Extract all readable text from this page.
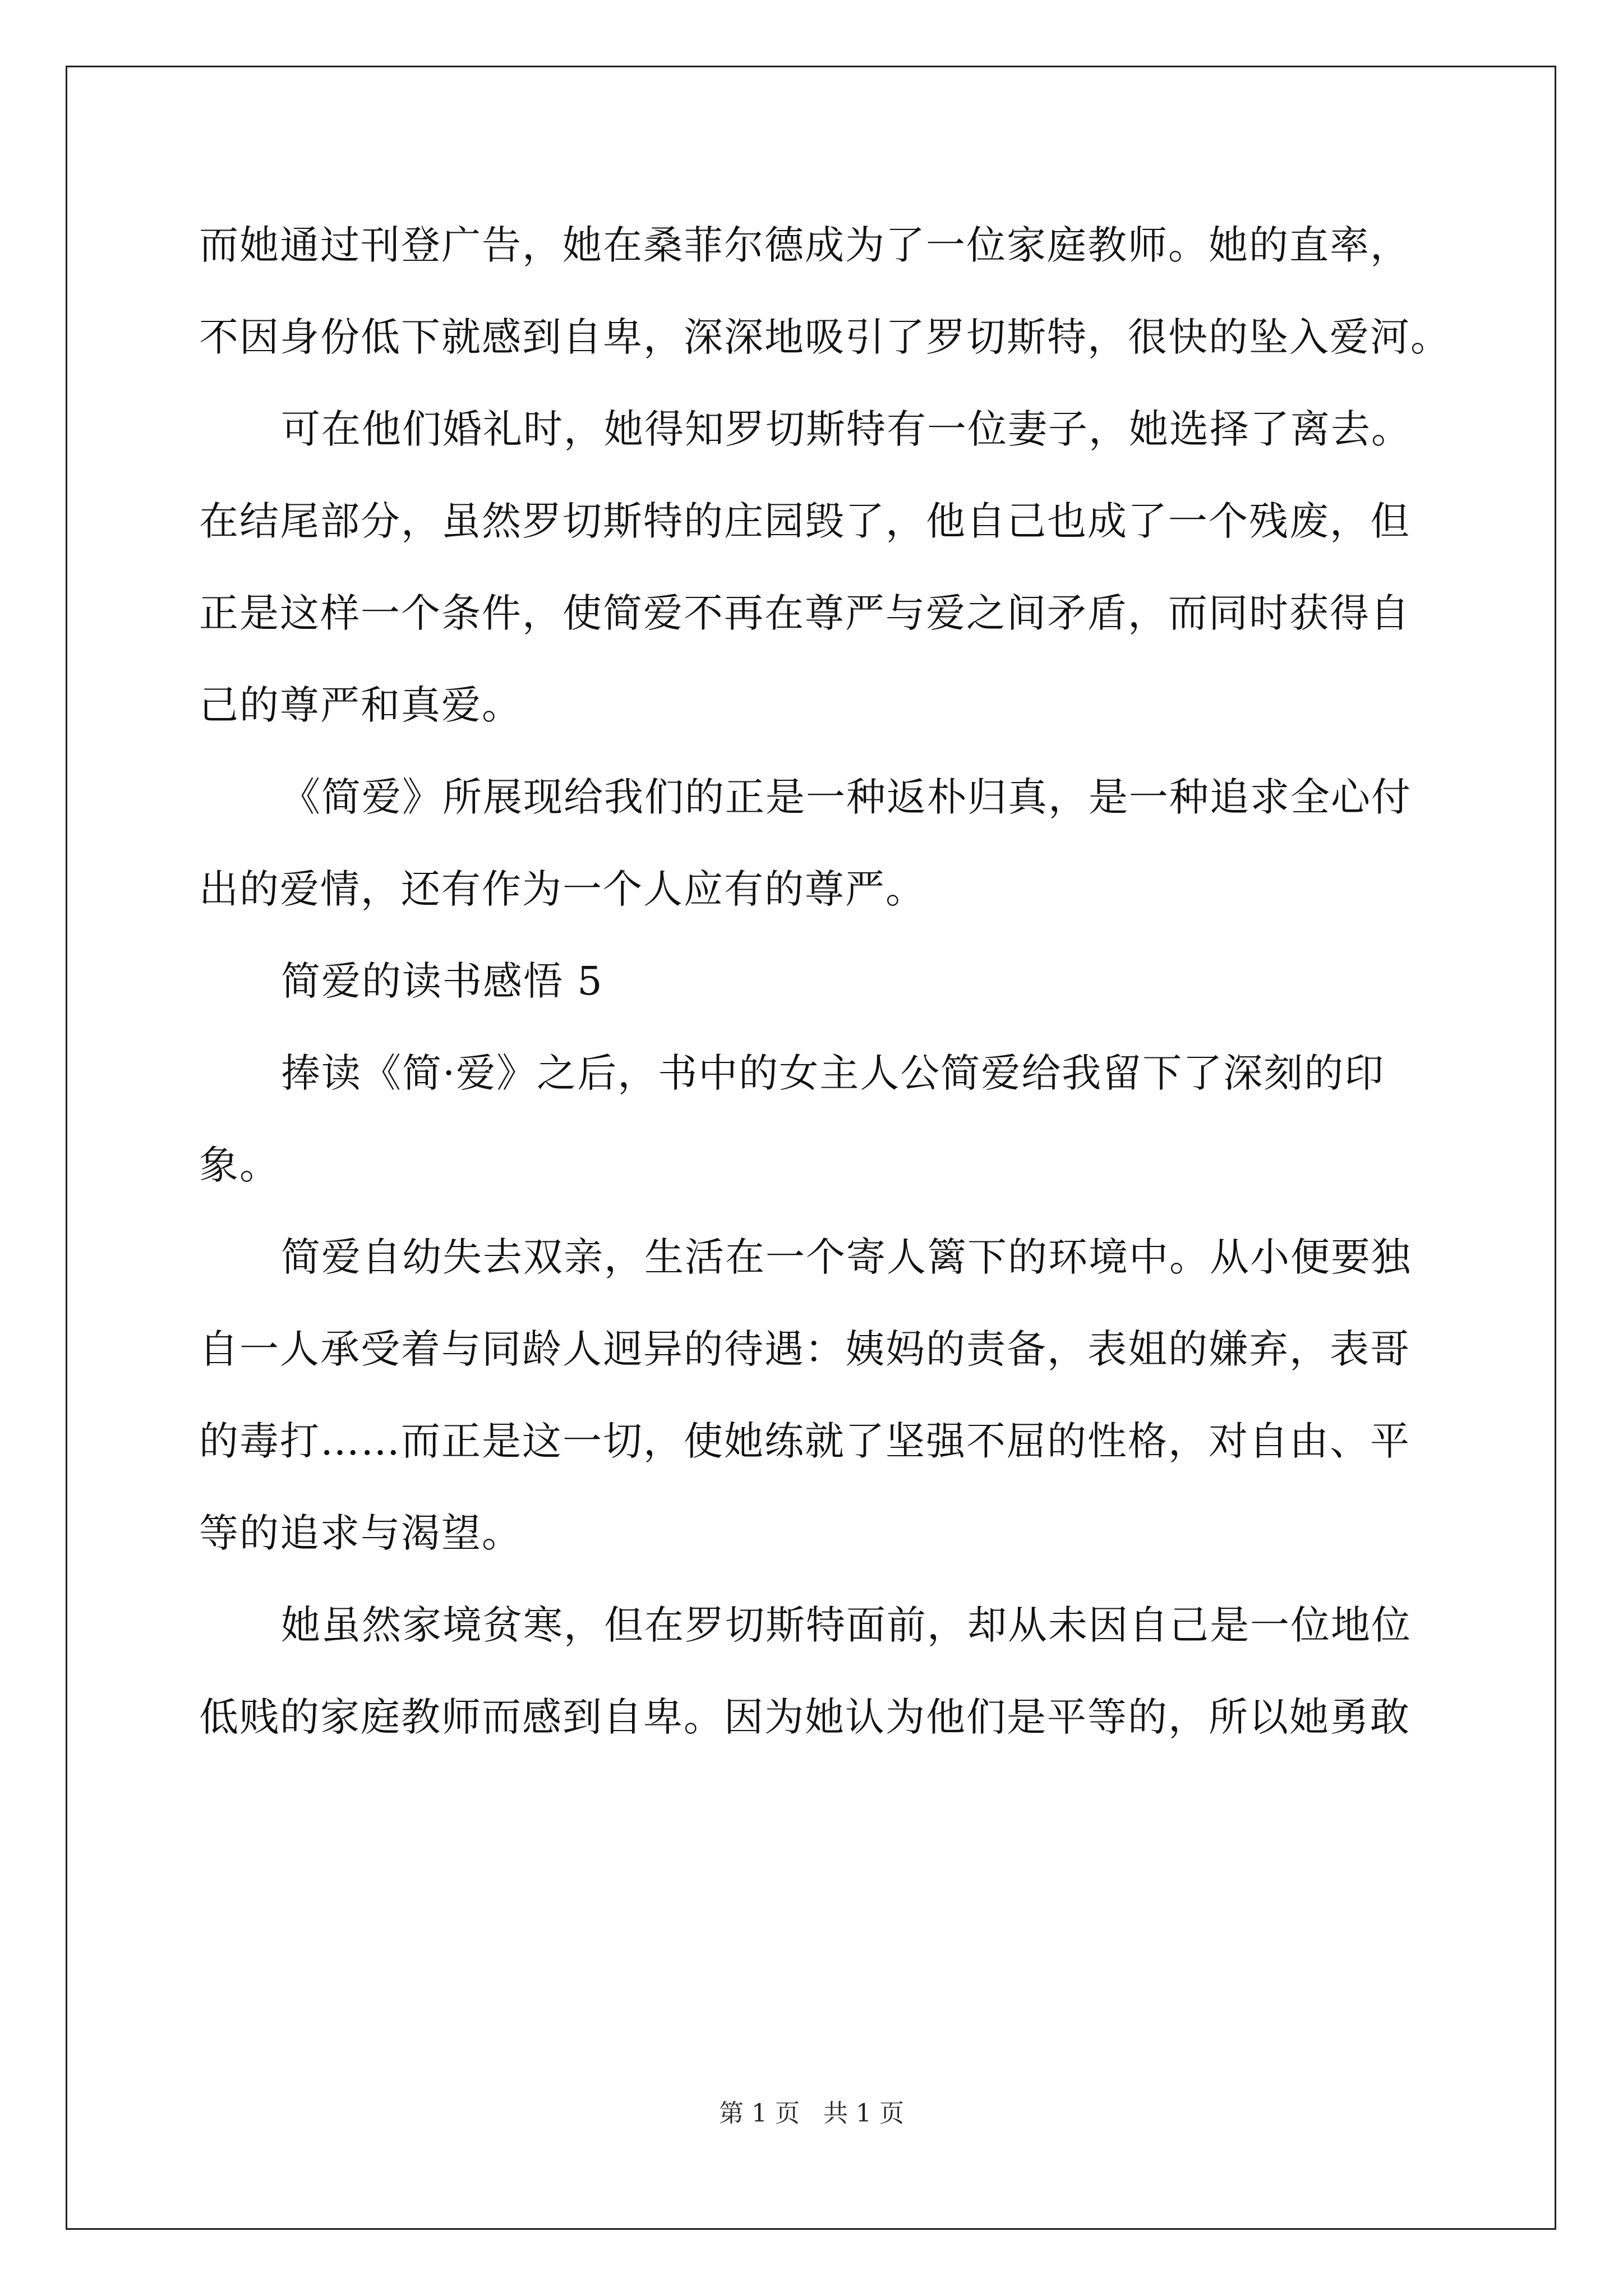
而她通过刊登广告，她在桑菲尔德成为了一位家庭教师。她的直率，
不因身份低下就感到自卑，深深地吸引了罗切斯特，很快的坠入爱河。
可在他们婚礼时，她得知罗切斯特有一位妻子，她选择了离去。
在结尾部分，虽然罗切斯特的庄园毁了，他自己也成了一个残废，但
正是这样一个条件，使简爱不再在尊严与爱之间矛盾，而同时获得自
己的尊严和真爱。
《简爱》所展现给我们的正是一种返朴归真，是一种追求全心付
出的爱情，还有作为一个人应有的尊严。
简爱的读书感悟 5
捧读《简·爱》之后，书中的女主人公简爱给我留下了深刻的印
象。
简爱自幼失去双亲，生活在一个寄人篱下的环境中。从小便要独
自一人承受着与同龄人迥异的待遇：姨妈的责备，表姐的嫌弃，表哥
的毒打……而正是这一切，使她练就了坚强不屈的性格，对自由、平
等的追求与渴望。
她虽然家境贫寒，但在罗切斯特面前，却从未因自己是一位地位
低贱的家庭教师而感到自卑。因为她认为他们是平等的，所以她勇敢
第 1 页   共 1 页
